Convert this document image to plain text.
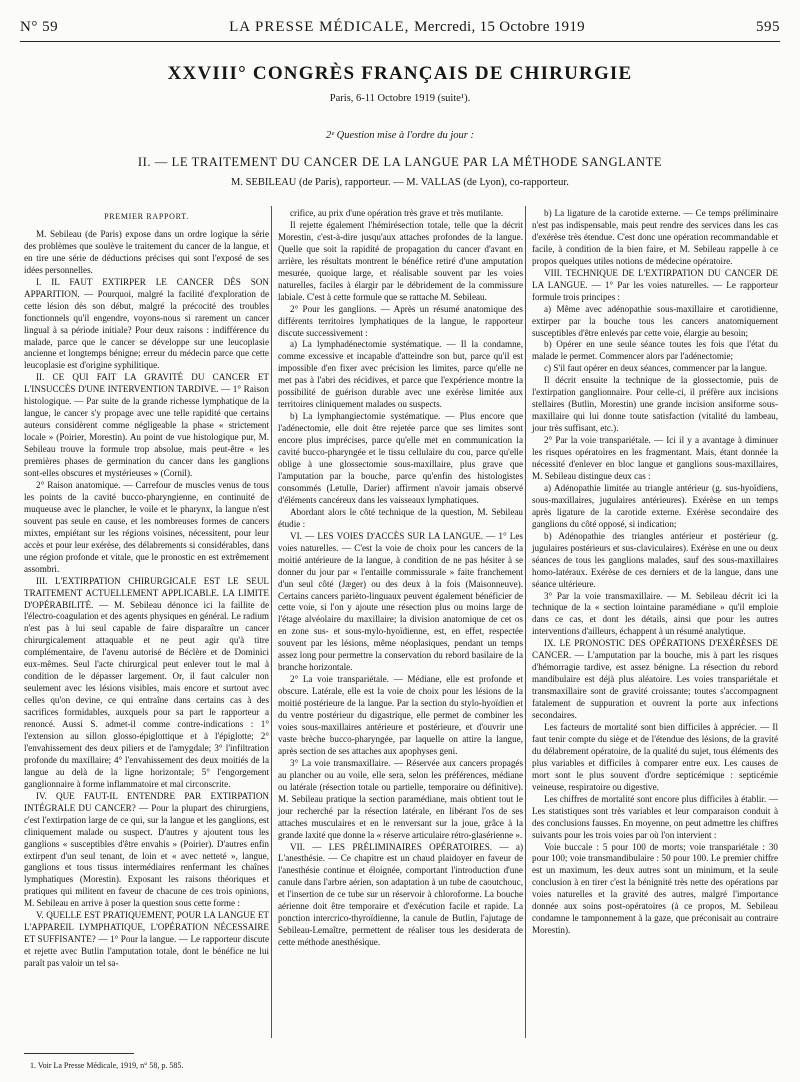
N° 59	LA PRESSE MÉDICALE, Mercredi, 15 Octobre 1919	595
XXVIII° CONGRÈS FRANÇAIS DE CHIRURGIE
Paris, 6-11 Octobre 1919 (suite¹).
2ᵉ Question mise à l'ordre du jour :
II. — LE TRAITEMENT DU CANCER DE LA LANGUE PAR LA MÉTHODE SANGLANTE
M. SEBILEAU (de Paris), rapporteur. — M. VALLAS (de Lyon), co-rapporteur.

PREMIER RAPPORT.

M. Sebileau (de Paris) expose dans un ordre logique la série des problèmes que soulève le traitement du cancer de la langue, et en tire une série de déductions précises qui sont l'exposé de ses idées personnelles.

I. IL FAUT EXTIRPER LE CANCER DÈS SON APPARITION. — Pourquoi, malgré la facilité d'exploration de cette lésion dès son début, malgré la précocité des troubles fonctionnels qu'il engendre, voyons-nous si rarement un cancer lingual à sa période initiale? Pour deux raisons : indifférence du malade, parce que le cancer se développe sur une leucoplasie ancienne et longtemps bénigne; erreur du médecin parce que cette leucoplasie est d'origine syphilitique.

II. CE QUI FAIT LA GRAVITÉ DU CANCER ET L'INSUCCÈS D'UNE INTERVENTION TARDIVE. — 1° Raison histologique. — Par suite de la grande richesse lymphatique de la langue, le cancer s'y propage avec une telle rapidité que certains auteurs considèrent comme négligeable la phase « strictement locale » (Poirier, Morestin). Au point de vue histologique pur, M. Sebileau trouve la formule trop absolue, mais peut-être « les premières phases de germination du cancer dans les ganglions sont-elles obscures et mystérieuses » (Cornil).

2° Raison anatomique. — Carrefour de muscles venus de tous les points de la cavité bucco-pharyngienne, en continuité de muqueuse avec le plancher, le voile et le pharynx, la langue n'est souvent pas seule en cause, et les nombreuses formes de cancers mixtes, empiétant sur les régions voisines, nécessitent, pour leur accès et pour leur exérèse, des délabrements si considérables, dans une région profonde et vitale, que le pronostic en est extrêmement assombri.

III. L'EXTIRPATION CHIRURGICALE EST LE SEUL TRAITEMENT ACTUELLEMENT APPLICABLE. LA LIMITE D'OPÉRABILITÉ. — M. Sebileau dénonce ici la faillite de l'électro-coagulation et des agents physiques en général. Le radium n'est pas à lui seul capable de faire disparaître un cancer chirurgicalement attaquable et ne peut agir qu'à titre complémentaire, de l'avenu autorisé de Béclère et de Dominici eux-mêmes. Seul l'acte chirurgical peut enlever tout le mal à condition de le dépasser largement. Or, il faut calculer non seulement avec les lésions visibles, mais encore et surtout avec celles qu'on devine, ce qui entraîne dans certains cas à des sacrifices formidables, auxquels pour sa part le rapporteur a renoncé. Aussi S. admet-il comme contre-indications : 1° l'extension au sillon glosso-épiglottique et à l'épiglotte; 2° l'envahissement des deux piliers et de l'amygdale; 3° l'infiltration profonde du maxillaire; 4° l'envahissement des deux moitiés de la langue au delà de la ligne horizontale; 5° l'engorgement ganglionnaire à forme inflammatoire et mal circonscrite.

IV. QUE FAUT-IL ENTENDRE PAR EXTIRPATION INTÉGRALE DU CANCER? — Pour la plupart des chirurgiens, c'est l'extirpation large de ce qui, sur la langue et les ganglions, est cliniquement malade ou suspect. D'autres y ajoutent tous les ganglions « susceptibles d'être envahis » (Poirier). D'autres enfin extirpent d'un seul tenant, de loin et « avec netteté », langue, ganglions et tous tissus intermédiaires renfermant les chaînes lymphatiques (Morestin). Exposant les raisons théoriques et pratiques qui militent en faveur de chacune de ces trois opinions, M. Sebileau en arrive à poser la question sous cette forme :

V. QUELLE EST PRATIQUEMENT, POUR LA LANGUE ET L'APPAREIL LYMPHATIQUE, L'OPÉRATION NÉCESSAIRE ET SUFFISANTE? — 1° Pour la langue. — Le rapporteur discute et rejette avec Butlin l'amputation totale, dont le bénéfice ne lui paraît pas valoir un tel sa-

crifice, au prix d'une opération très grave et très mutilante.

Il rejette également l'hémirésection totale, telle que la décrit Morestin, c'est-à-dire jusqu'aux attaches profondes de la langue. Quelle que soit la rapidité de propagation du cancer d'avant en arrière, les résultats montrent le bénéfice retiré d'une amputation mesurée, quoique large, et réalisable souvent par les voies naturelles, faciles à élargir par le débridement de la commissure labiale. C'est à cette formule que se rattache M. Sebileau.

2° Pour les ganglions. — Après un résumé anatomique des différents territoires lymphatiques de la langue, le rapporteur discute successivement :

a) La lymphadénectomie systématique. — Il la condamne, comme excessive et incapable d'atteindre son but, parce qu'il est impossible d'en fixer avec précision les limites, parce qu'elle ne met pas à l'abri des récidives, et parce que l'expérience montre la possibilité de guérison durable avec une exérèse limitée aux territoires cliniquement malades ou suspects.

b) La lymphangiectomie systématique. — Plus encore que l'adénectomie, elle doit être rejetée parce que ses limites sont encore plus imprécises, parce qu'elle met en communication la cavité bucco-pharyngée et le tissu cellulaire du cou, parce qu'elle oblige à une glossectomie sous-maxillaire, plus grave que l'amputation par la bouche, parce qu'enfin des histologistes consommés (Letulle, Darier) affirment n'avoir jamais observé d'éléments cancéreux dans les vaisseaux lymphatiques.

Abordant alors le côté technique de la question, M. Sebileau étudie :

VI. — LES VOIES D'ACCÈS SUR LA LANGUE. — 1° Les voies naturelles. — C'est la voie de choix pour les cancers de la moitié antérieure de la langue, à condition de ne pas hésiter à se donner du jour par « l'entaille commissurale » faite franchement d'un seul côté (Jæger) ou des deux à la fois (Maisonneuve). Certains cancers parièto-linguaux peuvent également bénéficier de cette voie, si l'on y ajoute une résection plus ou moins large de l'étage alvéolaire du maxillaire; la division anatomique de cet os en zone sus- et sous-mylo-hyoïdienne, est, en effet, respectée souvent par les lésions, même néoplasiques, pendant un temps assez long pour permettre la conservation du rebord basilaire de la branche horizontale.

2° La voie transpariétale. — Médiane, elle est profonde et obscure. Latérale, elle est la voie de choix pour les lésions de la moitié postérieure de la langue. Par la section du stylo-hyoïdien et du ventre postérieur du digastrique, elle permet de combiner les voies sous-maxillaires antérieure et postérieure, et d'ouvrir une vaste brèche bucco-pharyngée, par laquelle on attire la langue, après section de ses attaches aux apophyses geni.

3° La voie transmaxillaire. — Réservée aux cancers propagés au plancher ou au voile, elle sera, selon les préférences, médiane ou latérale (résection totale ou partielle, temporaire ou définitive). M. Sebileau pratique la section paramédiane, mais obtient tout le jour recherché par la résection latérale, en libérant l'os de ses attaches musculaires et en le renversant sur la joue, grâce à la grande laxité que donne la « réserve articulaire rétro-glasérienne ».

VII. — LES PRÉLIMINAIRES OPÉRATOIRES. — a) L'anesthésie. — Ce chapitre est un chaud plaidoyer en faveur de l'anesthésie continue et éloignée, comportant l'introduction d'une canule dans l'arbre aérien, son adaptation à un tube de caoutchouc, et l'insertion de ce tube sur un réservoir à chloroforme. La bouche aérienne doit être temporaire et d'exécution facile et rapide. La ponction intercrico-thyroïdienne, la canule de Butlin, l'ajutage de Sebileau-Lemaître, permettent de réaliser tous les desiderata de cette méthode anesthésique.

b) La ligature de la carotide externe. — Ce temps préliminaire n'est pas indispensable, mais peut rendre des services dans les cas d'exérèse très étendue. C'est donc une opération recommandable et facile, à condition de la bien faire, et M. Sebileau rappelle à ce propos quelques utiles notions de médecine opératoire.

VIII. TECHNIQUE DE L'EXTIRPATION DU CANCER DE LA LANGUE. — 1° Par les voies naturelles. — Le rapporteur formule trois principes :

a) Même avec adénopathie sous-maxillaire et carotidienne, extirper par la bouche tous les cancers anatomiquement susceptibles d'être enlevés par cette voie, élargie au besoin;

b) Opérer en une seule séance toutes les fois que l'état du malade le permet. Commencer alors par l'adénectomie;

c) S'il faut opérer en deux séances, commencer par la langue.

Il décrit ensuite la technique de la glossectomie, puis de l'extirpation ganglionnaire. Pour celle-ci, il préfère aux incisions stellaires (Butlin, Morestin) une grande incision ansiforme sous-maxillaire qui lui donne toute satisfaction (vitalité du lambeau, jour très suffisant, etc.).

2° Par la voie transpariétale. — Ici il y a avantage à diminuer les risques opératoires en les fragmentant. Mais, étant donnée la nécessité d'enlever en bloc langue et ganglions sous-maxillaires, M. Sebileau distingue deux cas :

a) Adénopathie limitée au triangle antérieur (g. sus-hyoïdiens, sous-maxillaires, jugulaires antérieures). Exérèse en un temps après ligature de la carotide externe. Exérèse secondaire des ganglions du côté opposé, si indication;

b) Adénopathie des triangles antérieur et postérieur (g. jugulaires postérieurs et sus-claviculaires). Exérèse en une ou deux séances de tous les ganglions malades, sauf des sous-maxillaires homo-latéraux. Exérèse de ces derniers et de la langue, dans une séance ultérieure.

3° Par la voie transmaxillaire. — M. Sebileau décrit ici la technique de la « section lointaine paramédiane » qu'il emploie dans ce cas, et dont les détails, ainsi que pour les autres interventions d'ailleurs, échappent à un résumé analytique.

IX. LE PRONOSTIC DES OPÉRATIONS D'EXÉRÈSES DE CANCER. — L'amputation par la bouche, mis à part les risques d'hémorragie tardive, est assez bénigne. La résection du rebord mandibulaire est déjà plus aléatoire. Les voies transpariétale et transmaxillaire sont de gravité croissante; toutes s'accompagnent fatalement de suppuration et ouvrent la porte aux infections secondaires.

Les facteurs de mortalité sont bien difficiles à apprécier. — Il faut tenir compte du siège et de l'étendue des lésions, de la gravité du délabrement opératoire, de la qualité du sujet, tous éléments des plus variables et difficiles à comparer entre eux. Les causes de mort sont le plus souvent d'ordre septicémique : septicémie veineuse, respiratoire ou digestive.

Les chiffres de mortalité sont encore plus difficiles à établir. — Les statistiques sont très variables et leur comparaison conduit à des conclusions fausses. En moyenne, on peut admettre les chiffres suivants pour les trois voies par où l'on intervient :

Voie buccale : 5 pour 100 de morts; voie transpariétale : 30 pour 100; voie transmandibulaire : 50 pour 100. Le premier chiffre est un maximum, les deux autres sont un minimum, et la seule conclusion à en tirer c'est la bénignité très nette des opérations par voies naturelles et la gravité des autres, malgré l'importance donnée aux soins post-opératoires (à ce propos, M. Sebileau condamne le tamponnement à la gaze, que préconisait au contraire Morestin).

1. Voir La Presse Médicale, 1919, n° 58, p. 585.
